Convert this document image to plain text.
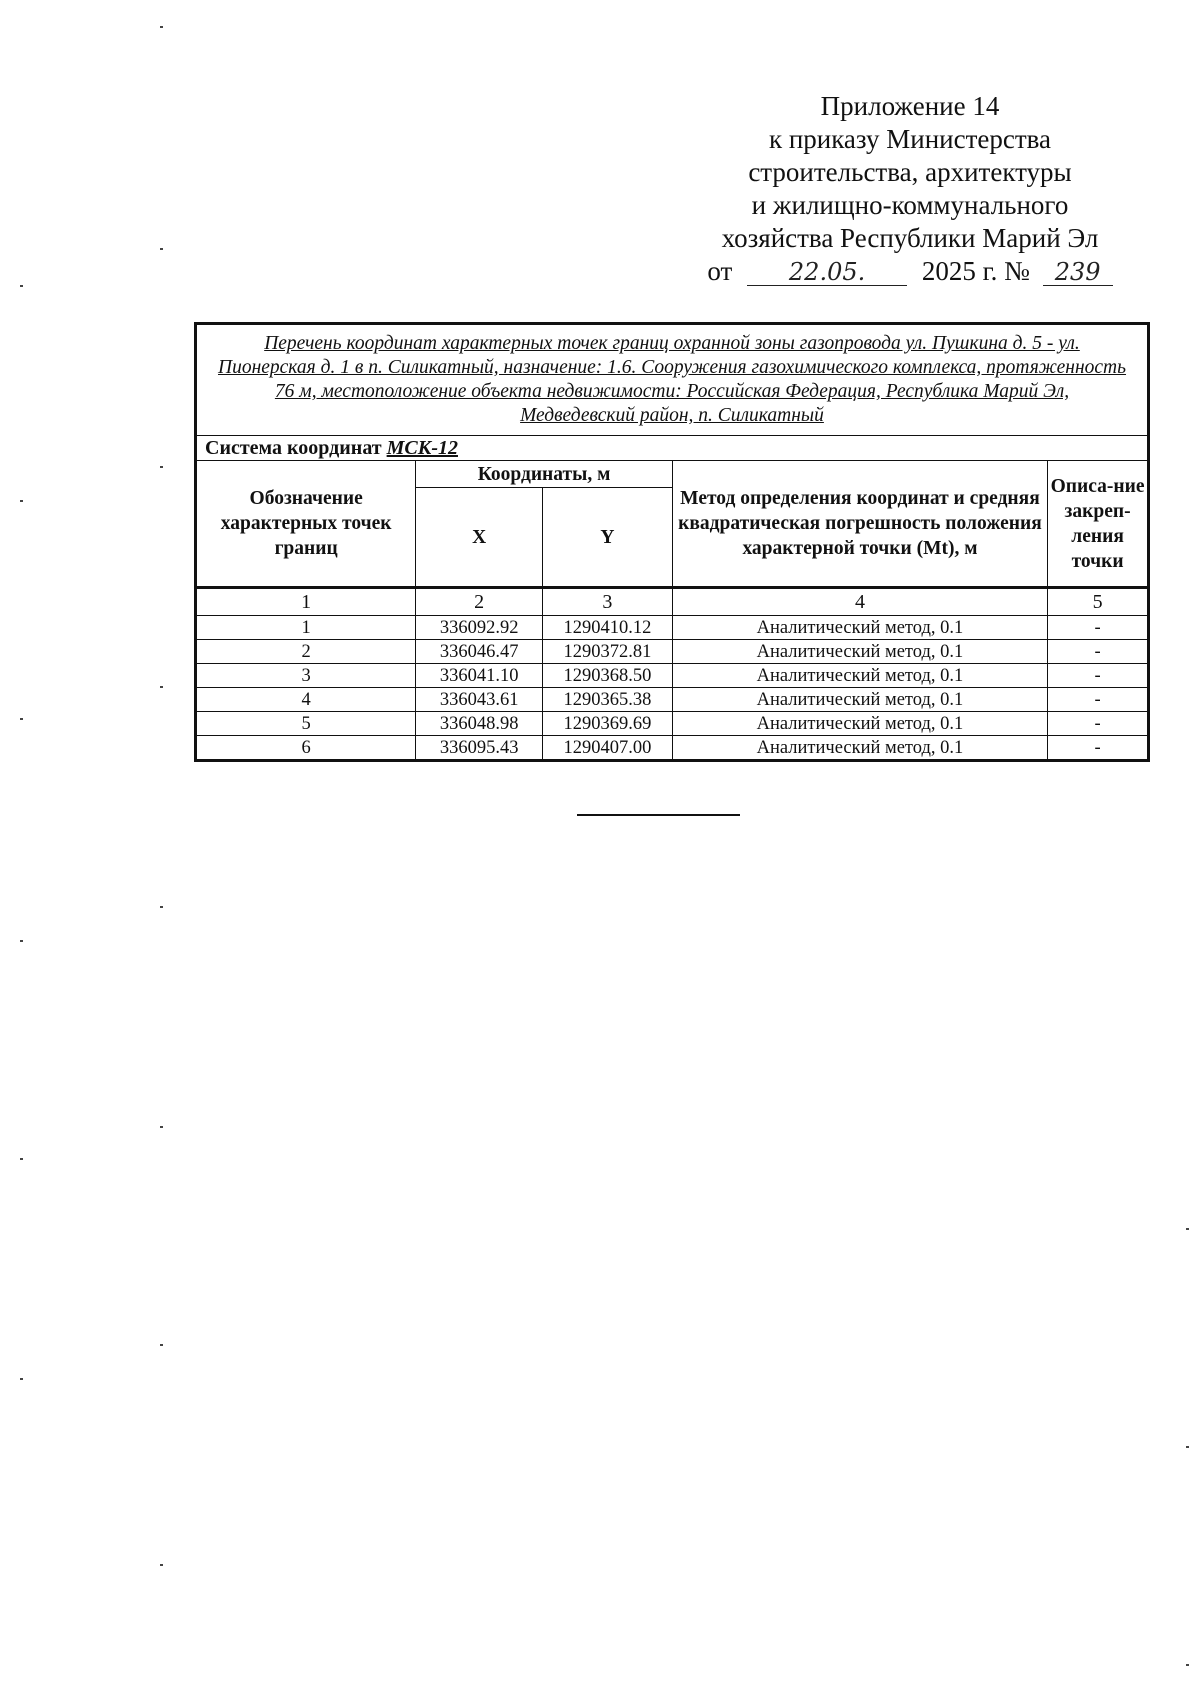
Приложение 14
к приказу Министерства
строительства, архитектуры
и жилищно-коммунального
хозяйства Республики Марий Эл
от 22.05. 2025 г. № 239
Перечень координат характерных точек границ охранной зоны газопровода ул. Пушкина д. 5 - ул. Пионерская д. 1 в п. Силикатный, назначение: 1.6. Сооружения газохимического комплекса, протяженность 76 м, местоположение объекта недвижимости: Российская Федерация, Республика Марий Эл, Медведевский район, п. Силикатный				
Система координат МСК-12				
Обозначение характерных точек границ	Координаты, м		Метод определения координат и средняя квадратическая погрешность положения характерной точки (Mt), м	Описа-ние закреп-ления точки
	X	Y		
1	2	3	4	5
1	336092.92	1290410.12	Аналитический метод, 0.1	-
2	336046.47	1290372.81	Аналитический метод, 0.1	-
3	336041.10	1290368.50	Аналитический метод, 0.1	-
4	336043.61	1290365.38	Аналитический метод, 0.1	-
5	336048.98	1290369.69	Аналитический метод, 0.1	-
6	336095.43	1290407.00	Аналитический метод, 0.1	-
